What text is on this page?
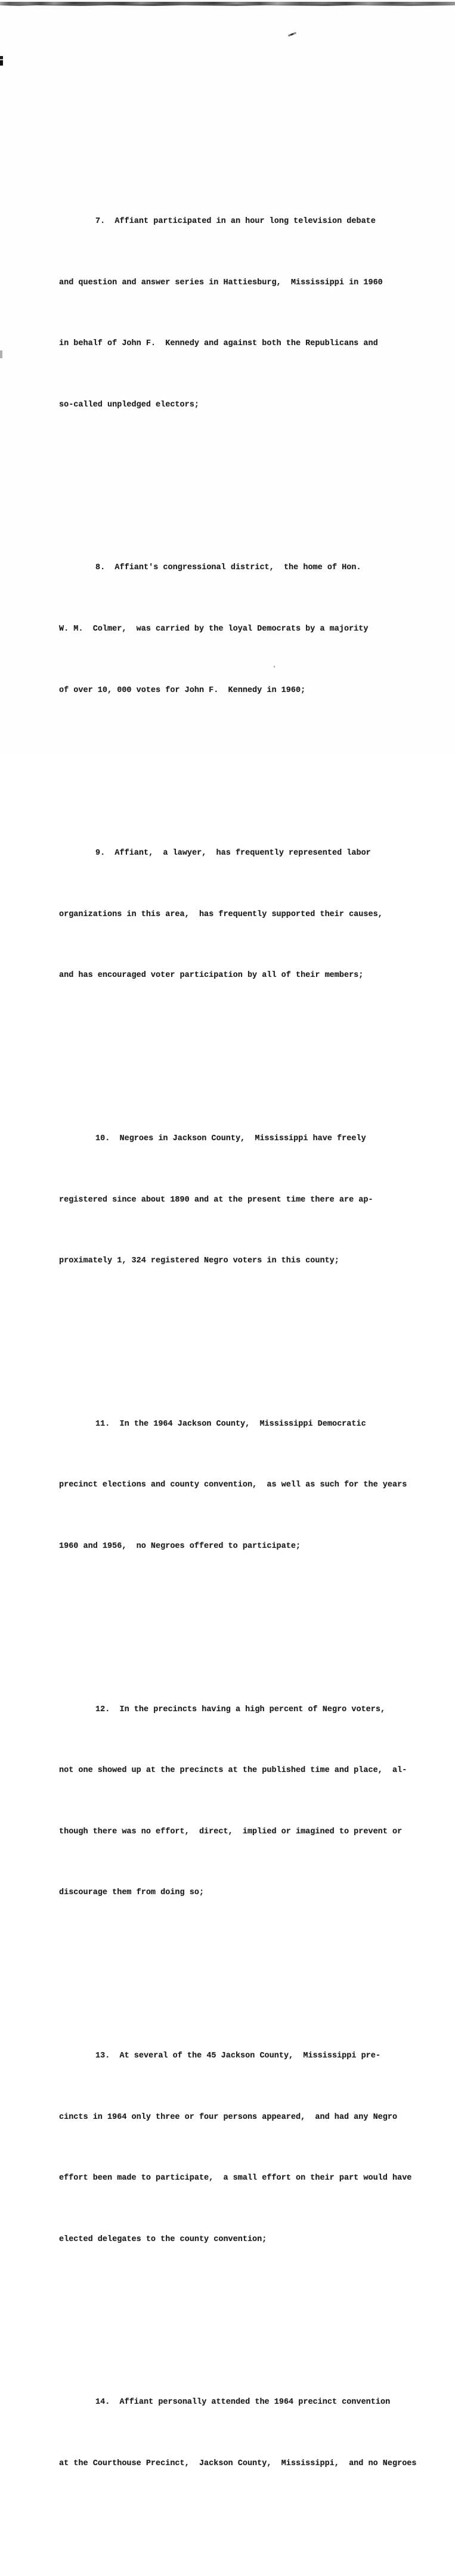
7.  Affiant participated in an hour long television debate

and question and answer series in Hattiesburg,  Mississippi in 1960

in behalf of John F.  Kennedy and against both the Republicans and

so-called unpledged electors;

8.  Affiant's congressional district,  the home of Hon.

W. M.  Colmer,  was carried by the loyal Democrats by a majority

of over 10, 000 votes for John F.  Kennedy in 1960;

9.  Affiant,  a lawyer,  has frequently represented labor

organizations in this area,  has frequently supported their causes,

and has encouraged voter participation by all of their members;

10.  Negroes in Jackson County,  Mississippi have freely

registered since about 1890 and at the present time there are ap-

proximately 1, 324 registered Negro voters in this county;

11.  In the 1964 Jackson County,  Mississippi Democratic

precinct elections and county convention,  as well as such for the years

1960 and 1956,  no Negroes offered to participate;

12.  In the precincts having a high percent of Negro voters,

not one showed up at the precincts at the published time and place,  al-

though there was no effort,  direct,  implied or imagined to prevent or

discourage them from doing so;

13.  At several of the 45 Jackson County,  Mississippi pre-

cincts in 1964 only three or four persons appeared,  and had any Negro

effort been made to participate,  a small effort on their part would have

elected delegates to the county convention;

14.  Affiant personally attended the 1964 precinct convention

at the Courthouse Precinct,  Jackson County,  Mississippi,  and no Negroes
